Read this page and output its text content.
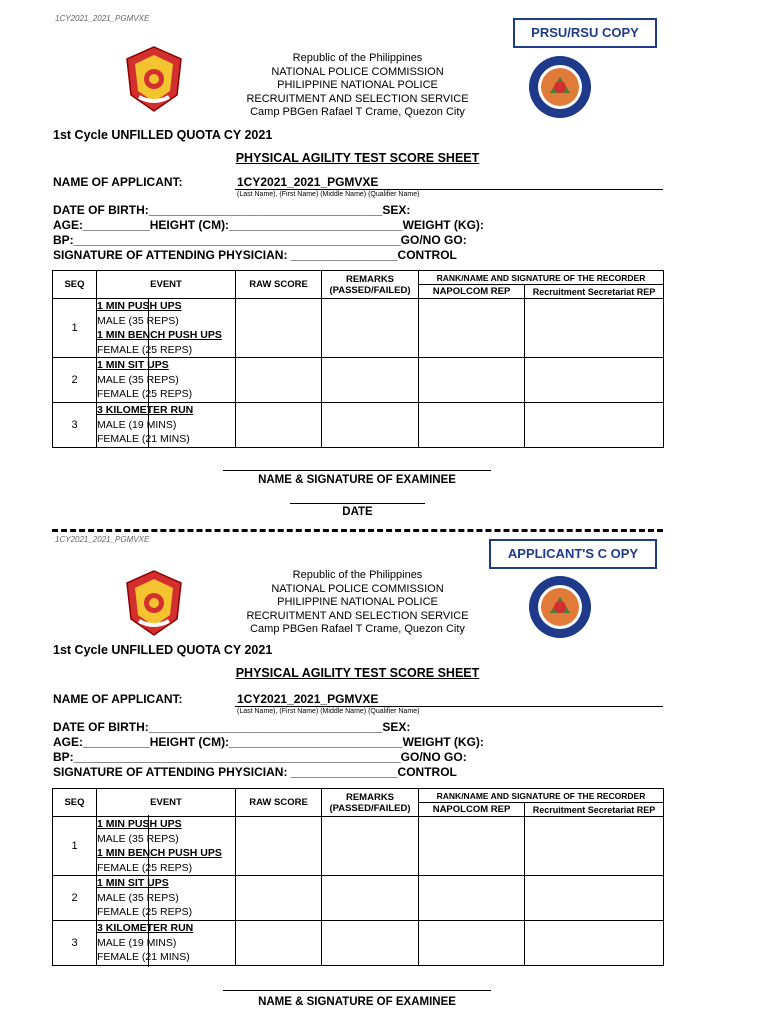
1CY2021_2021_PGMVXE
PRSU/RSU COPY
Republic of the Philippines
NATIONAL POLICE COMMISSION
PHILIPPINE NATIONAL POLICE
RECRUITMENT AND SELECTION SERVICE
Camp PBGen Rafael T Crame, Quezon City
1st Cycle UNFILLED QUOTA CY 2021
PHYSICAL AGILITY TEST SCORE SHEET
NAME OF APPLICANT:	1CY2021_2021_PGMVXE
(Last Name), (First Name) (Middle Name) (Qualifier Name)
DATE OF BIRTH:___________________________________SEX:
AGE:__________HEIGHT (CM):__________________________WEIGHT (KG):
BP:_________________________________________________GO/NO GO:
SIGNATURE OF ATTENDING PHYSICIAN: ________________CONTROL
SEQ	EVENT	RAW SCORE	REMARKS (PASSED/FAILED)	RANK/NAME AND SIGNATURE OF THE RECORDER	
				NAPOLCOM REP	Recruitment Secretariat REP
1	1 MIN PUSH UPS
MALE (35 REPS)
1 MIN BENCH PUSH UPS
FEMALE (25 REPS)				

2	1 MIN SIT UPS
MALE (35 REPS)
FEMALE (25 REPS)				

3	3 KILOMETER RUN
MALE (19 MINS)
FEMALE (21 MINS)				

NAME & SIGNATURE OF EXAMINEE
DATE
1CY2021_2021_PGMVXE
APPLICANT'S C OPY
Republic of the Philippines
NATIONAL POLICE COMMISSION
PHILIPPINE NATIONAL POLICE
RECRUITMENT AND SELECTION SERVICE
Camp PBGen Rafael T Crame, Quezon City
1st Cycle UNFILLED QUOTA CY 2021
PHYSICAL AGILITY TEST SCORE SHEET
NAME OF APPLICANT:	1CY2021_2021_PGMVXE
(Last Name), (First Name) (Middle Name) (Qualifier Name)
DATE OF BIRTH:___________________________________SEX:
AGE:__________HEIGHT (CM):__________________________WEIGHT (KG):
BP:_________________________________________________GO/NO GO:
SIGNATURE OF ATTENDING PHYSICIAN: ________________CONTROL
SEQ	EVENT	RAW SCORE	REMARKS (PASSED/FAILED)	RANK/NAME AND SIGNATURE OF THE RECORDER	
				NAPOLCOM REP	Recruitment Secretariat REP
1	1 MIN PUSH UPS
MALE (35 REPS)
1 MIN BENCH PUSH UPS
FEMALE (25 REPS)				

2	1 MIN SIT UPS
MALE (35 REPS)
FEMALE (25 REPS)				

3	3 KILOMETER RUN
MALE (19 MINS)
FEMALE (21 MINS)				

NAME & SIGNATURE OF EXAMINEE
